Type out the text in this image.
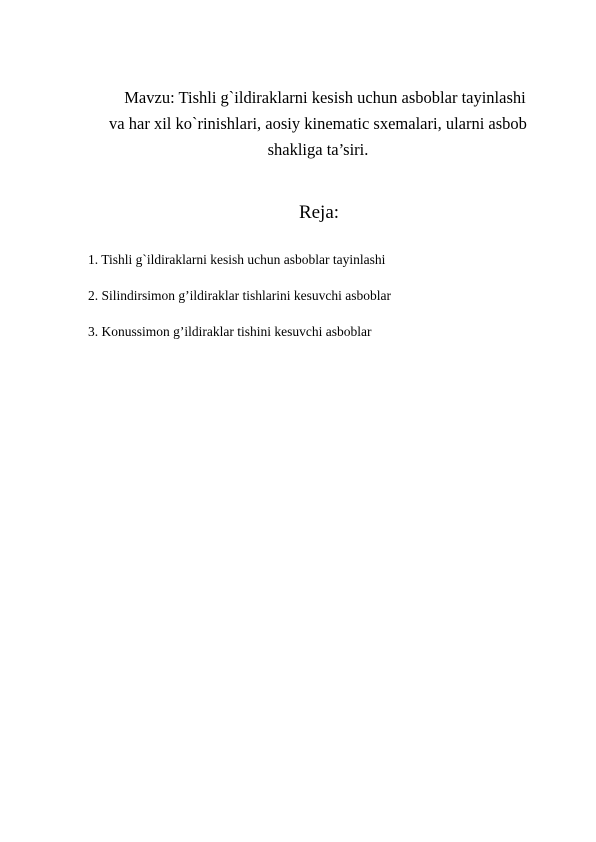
Mavzu: Tishli g`ildiraklarni kesish uchun asboblar tayinlashi
va har xil ko`rinishlari, aosiy kinematic sxemalari, ularni asbob
shakliga ta’siri.

Reja:
1. Tishli g`ildiraklarni kesish uchun asboblar tayinlashi
2. Silindirsimon g’ildiraklar tishlarini kesuvchi asboblar
3. Konussimon g’ildiraklar tishini kesuvchi asboblar
